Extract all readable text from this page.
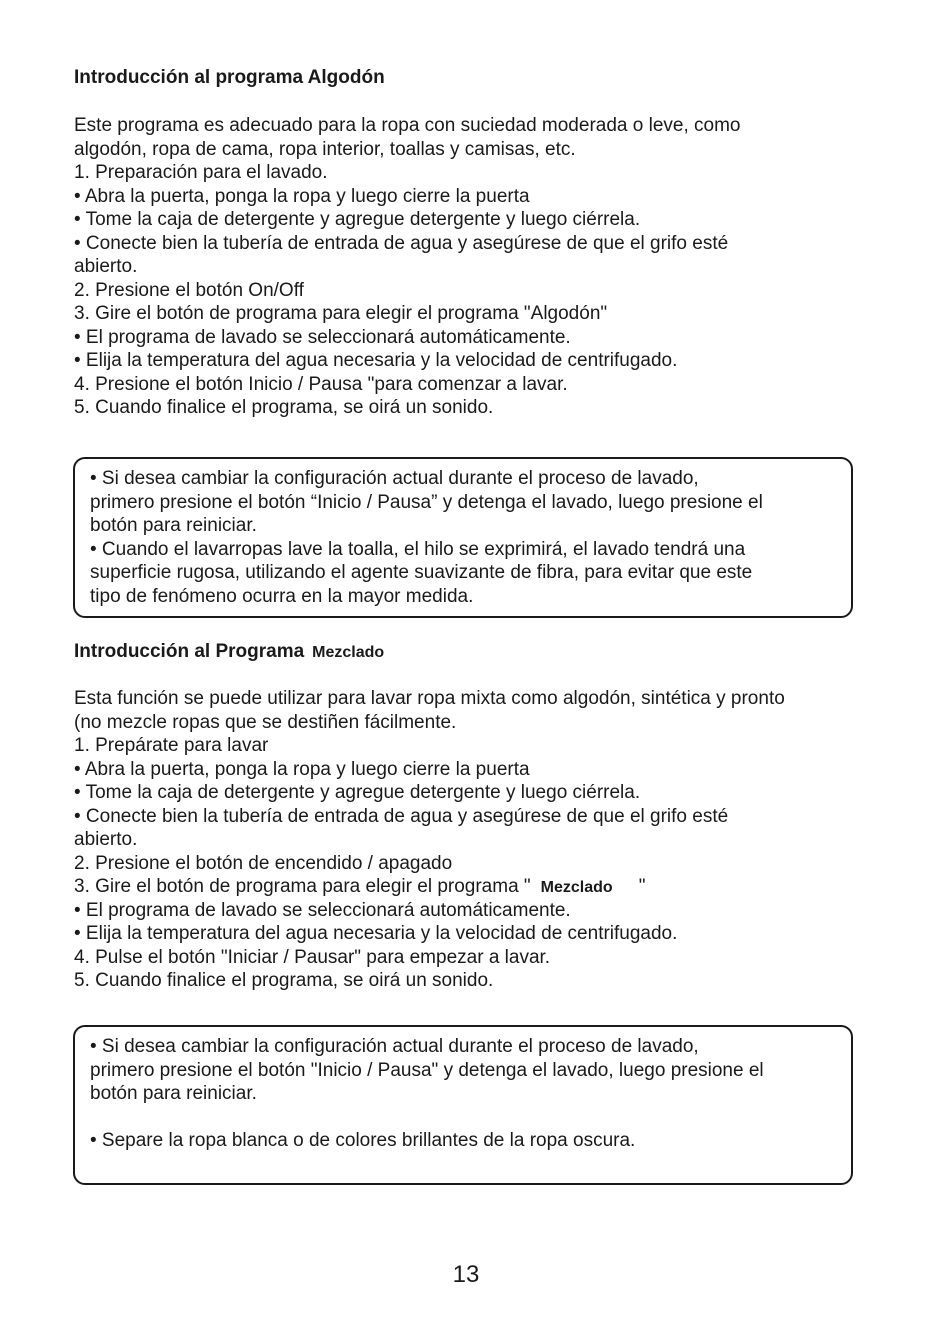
Introducción al programa Algodón
Este programa es adecuado para la ropa con suciedad moderada o leve, como
algodón, ropa de cama, ropa interior, toallas y camisas, etc.
1. Preparación para el lavado.
• Abra la puerta, ponga la ropa y luego cierre la puerta
• Tome la caja de detergente y agregue detergente y luego ciérrela.
• Conecte bien la tubería de entrada de agua y asegúrese de que el grifo esté
abierto.
2. Presione el botón On/Off
3. Gire el botón de programa para elegir el programa "Algodón"
• El programa de lavado se seleccionará automáticamente.
• Elija la temperatura del agua necesaria y la velocidad de centrifugado.
4. Presione el botón Inicio / Pausa "para comenzar a lavar.
5. Cuando finalice el programa, se oirá un sonido.
• Si desea cambiar la configuración actual durante el proceso de lavado,
primero presione el botón “Inicio / Pausa” y detenga el lavado, luego presione el
botón para reiniciar.
• Cuando el lavarropas lave la toalla, el hilo se exprimirá, el lavado tendrá una
superficie rugosa, utilizando el agente suavizante de fibra, para evitar que este
tipo de fenómeno ocurra en la mayor medida.
Introducción al Programa Mezclado
Esta función se puede utilizar para lavar ropa mixta como algodón, sintética y pronto
(no mezcle ropas que se destiñen fácilmente.
1. Prepárate para lavar
• Abra la puerta, ponga la ropa y luego cierre la puerta
• Tome la caja de detergente y agregue detergente y luego ciérrela.
• Conecte bien la tubería de entrada de agua y asegúrese de que el grifo esté
abierto.
2. Presione el botón de encendido / apagado
3. Gire el botón de programa para elegir el programa " Mezclado "
• El programa de lavado se seleccionará automáticamente.
• Elija la temperatura del agua necesaria y la velocidad de centrifugado.
4. Pulse el botón "Iniciar / Pausar" para empezar a lavar.
5. Cuando finalice el programa, se oirá un sonido.
• Si desea cambiar la configuración actual durante el proceso de lavado,
primero presione el botón "Inicio / Pausa" y detenga el lavado, luego presione el
botón para reiniciar.
• Separe la ropa blanca o de colores brillantes de la ropa oscura.
13
